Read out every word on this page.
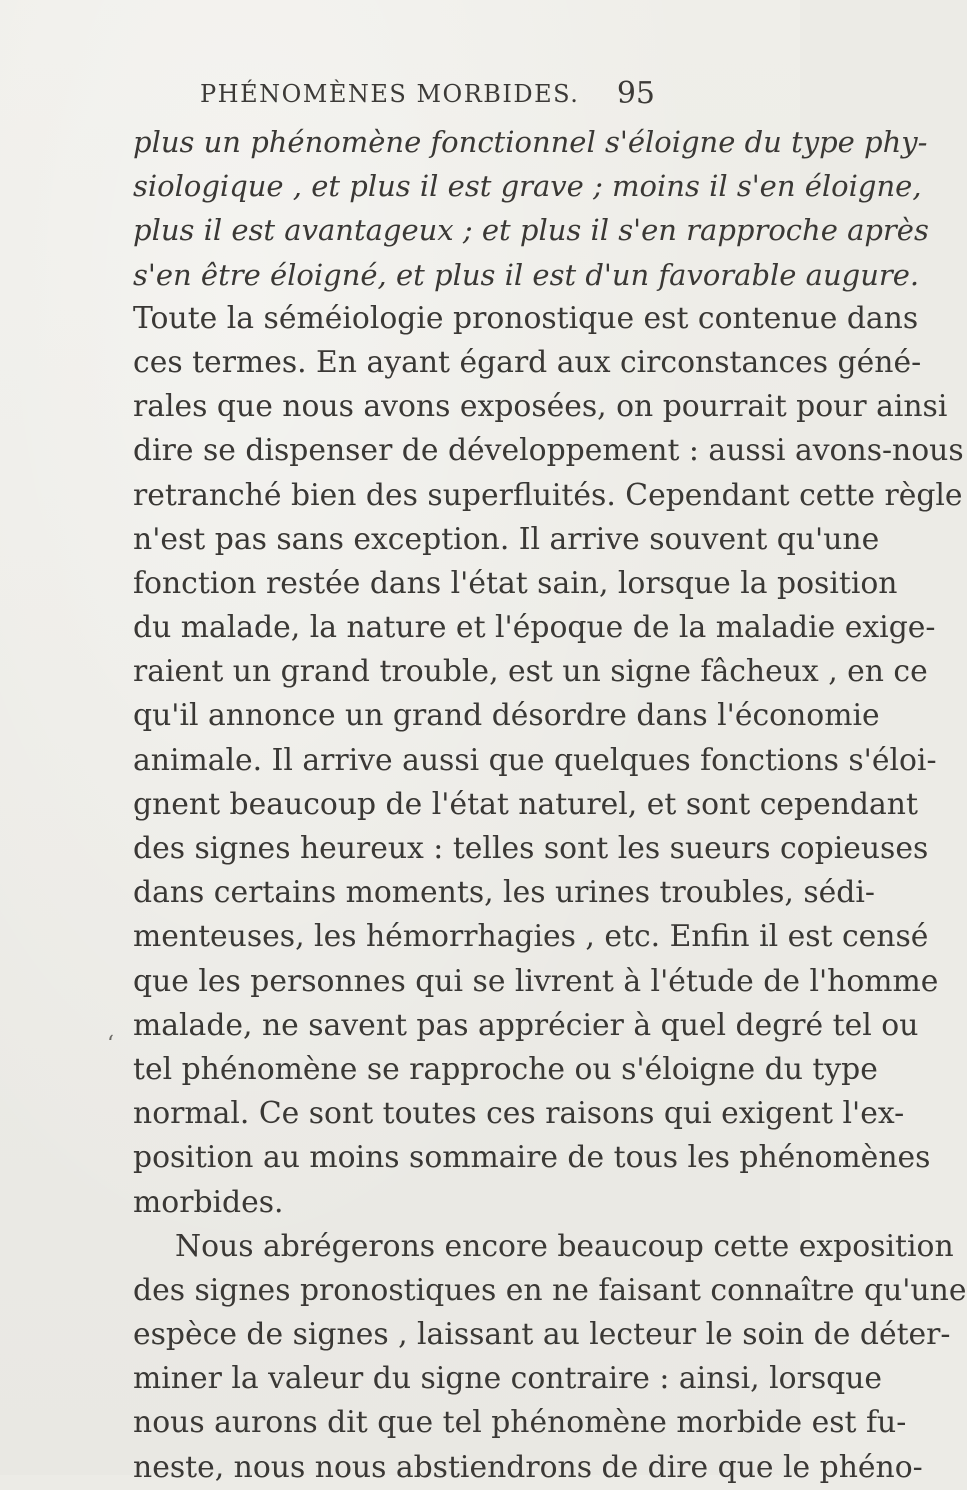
PHÉNOMÈNES MORBIDES. 95
‘
plus un phénomène fonctionnel s'éloigne du type phy-
siologique , et plus il est grave ; moins il s'en éloigne,
plus il est avantageux ; et plus il s'en rapproche après
s'en être éloigné, et plus il est d'un favorable augure.
Toute la séméiologie pronostique est contenue dans
ces termes. En ayant égard aux circonstances géné-
rales que nous avons exposées, on pourrait pour ainsi
dire se dispenser de développement : aussi avons-nous
retranché bien des superfluités. Cependant cette règle
n'est pas sans exception. Il arrive souvent qu'une
fonction restée dans l'état sain, lorsque la position
du malade, la nature et l'époque de la maladie exige-
raient un grand trouble, est un signe fâcheux , en ce
qu'il annonce un grand désordre dans l'économie
animale. Il arrive aussi que quelques fonctions s'éloi-
gnent beaucoup de l'état naturel, et sont cependant
des signes heureux : telles sont les sueurs copieuses
dans certains moments, les urines troubles, sédi-
menteuses, les hémorrhagies , etc. Enfin il est censé
que les personnes qui se livrent à l'étude de l'homme
malade, ne savent pas apprécier à quel degré tel ou
tel phénomène se rapproche ou s'éloigne du type
normal. Ce sont toutes ces raisons qui exigent l'ex-
position au moins sommaire de tous les phénomènes
morbides.
Nous abrégerons encore beaucoup cette exposition
des signes pronostiques en ne faisant connaître qu'une
espèce de signes , laissant au lecteur le soin de déter-
miner la valeur du signe contraire : ainsi, lorsque
nous aurons dit que tel phénomène morbide est fu-
neste, nous nous abstiendrons de dire que le phéno-
